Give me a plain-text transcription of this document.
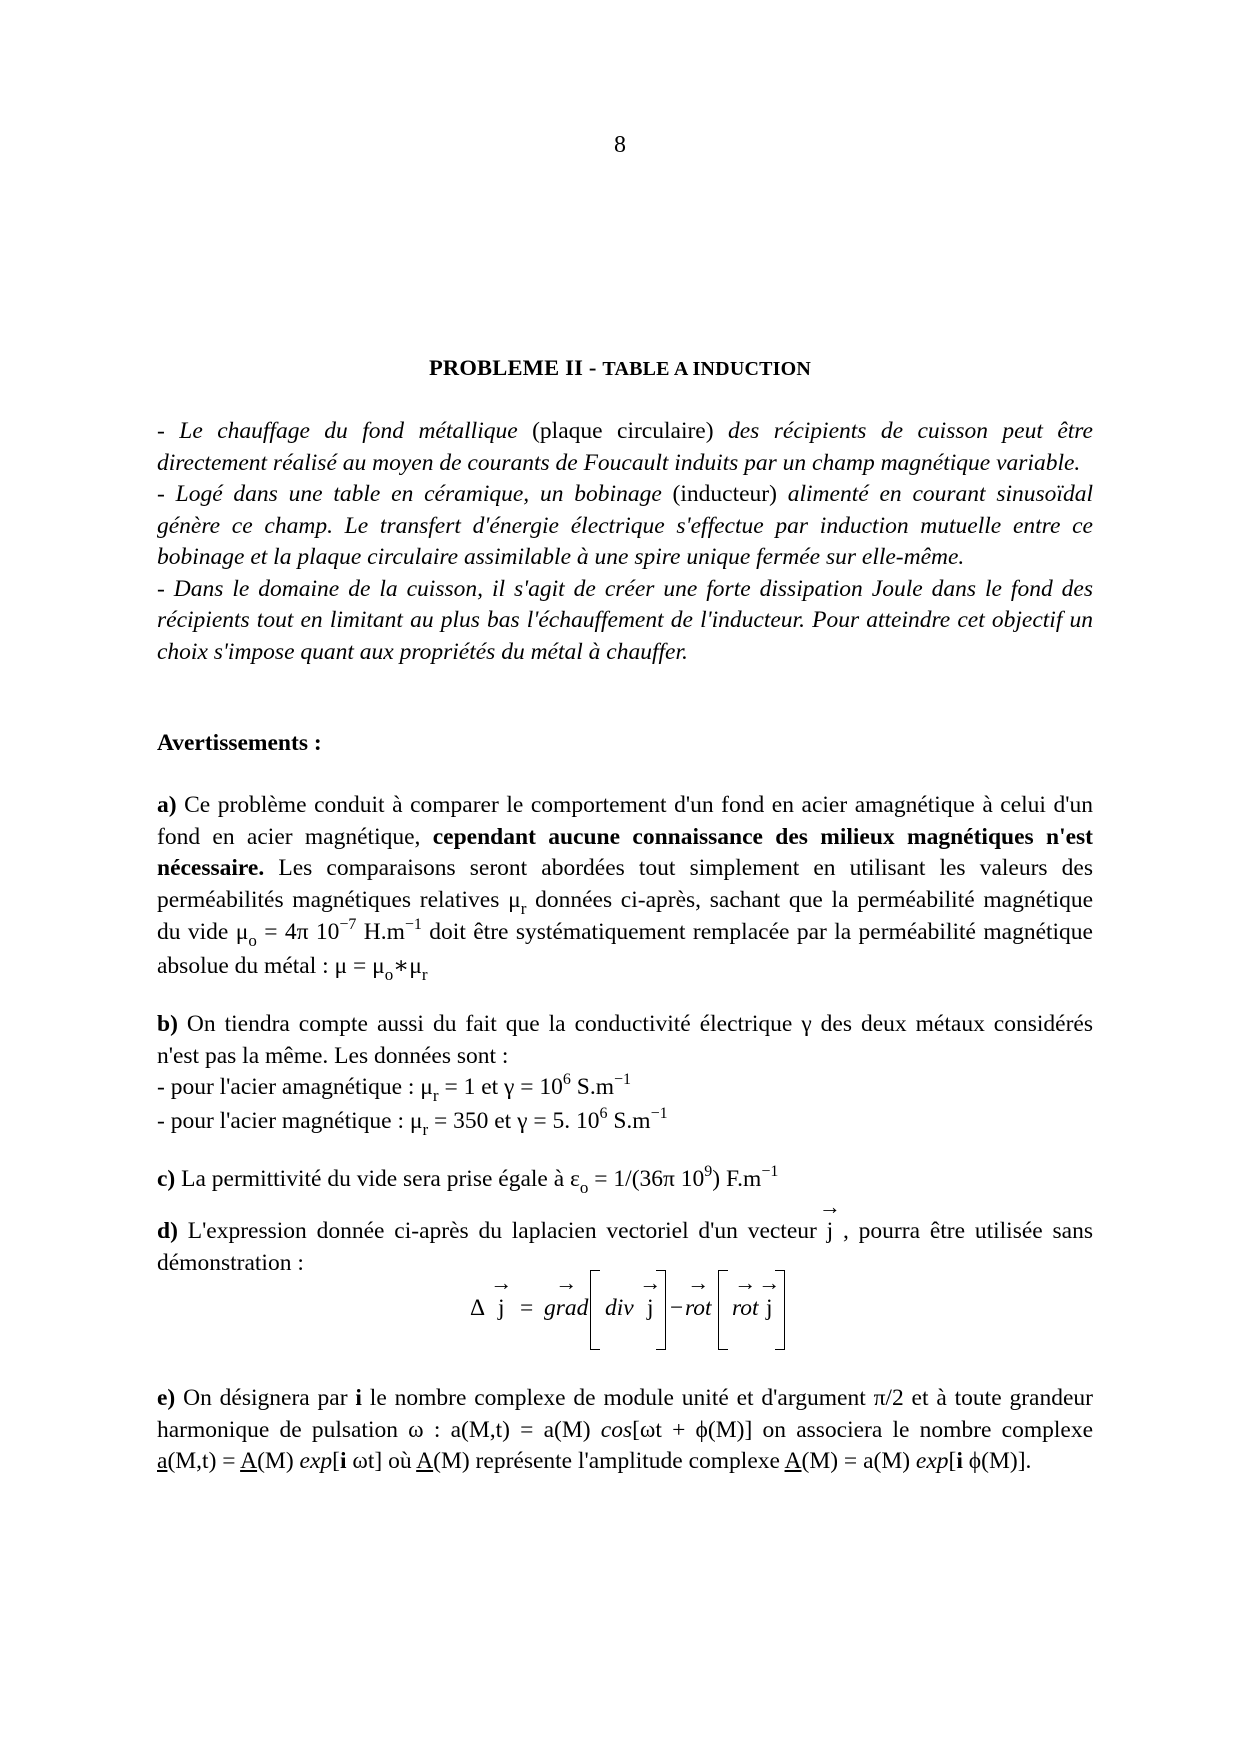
8
PROBLEME II - TABLE A INDUCTION

- Le chauffage du fond métallique (plaque circulaire) des récipients de cuisson peut être directement réalisé au moyen de courants de Foucault induits par un champ magnétique variable.

- Logé dans une table en céramique, un bobinage (inducteur) alimenté en courant sinusoïdal génère ce champ. Le transfert d'énergie électrique s'effectue par induction mutuelle entre ce bobinage et la plaque circulaire assimilable à une spire unique fermée sur elle-même.

- Dans le domaine de la cuisson, il s'agit de créer une forte dissipation Joule dans le fond des récipients tout en limitant au plus bas l'échauffement de l'inducteur. Pour atteindre cet objectif un choix s'impose quant aux propriétés du métal à chauffer.

Avertissements :

a) Ce problème conduit à comparer le comportement d'un fond en acier amagnétique à celui d'un fond en acier magnétique, cependant aucune connaissance des milieux magnétiques n'est nécessaire. Les comparaisons seront abordées tout simplement en utilisant les valeurs des perméabilités magnétiques relatives $\mu_r$ données ci-après, sachant que la perméabilité magnétique du vide $\mu_o = 4\pi$ $10^{-7}$ $H.m^{-1}$ doit être systématiquement remplacée par la perméabilité magnétique absolue du métal : $\mu = \mu_o∗\mu_r$

b) On tiendra compte aussi du fait que la conductivité électrique γ des deux métaux considérés n'est pas la même. Les données sont :

- pour l'acier amagnétique : $\mu_r = 1$ et $\gamma = 10^6$ $S.m^{-1}$

- pour l'acier magnétique : $\mu_r = 350$ et γ = 5. $10^6$ $S.m^{-1}$

c) La permittivité du vide sera prise égale à $\varepsilon_o = 1/(36\pi$ $10^9$) $F.m^{-1}$

d) L'expression donnée ci-après du laplacien vectoriel d'un vecteur → j , pourra être utilisée sans démonstration :

Δ → j = → grad div → j − → rot → rot → j

e) On désignera par i le nombre complexe de module unité et d'argument π/2 et à toute grandeur harmonique de pulsation ω : a(M,t) = a(M) cos[ωt + ϕ(M)] on associera le nombre complexe a(M,t) = A(M) exp[i ωt] où A(M) représente l'amplitude complexe A(M) = a(M) exp[i ϕ(M)].
